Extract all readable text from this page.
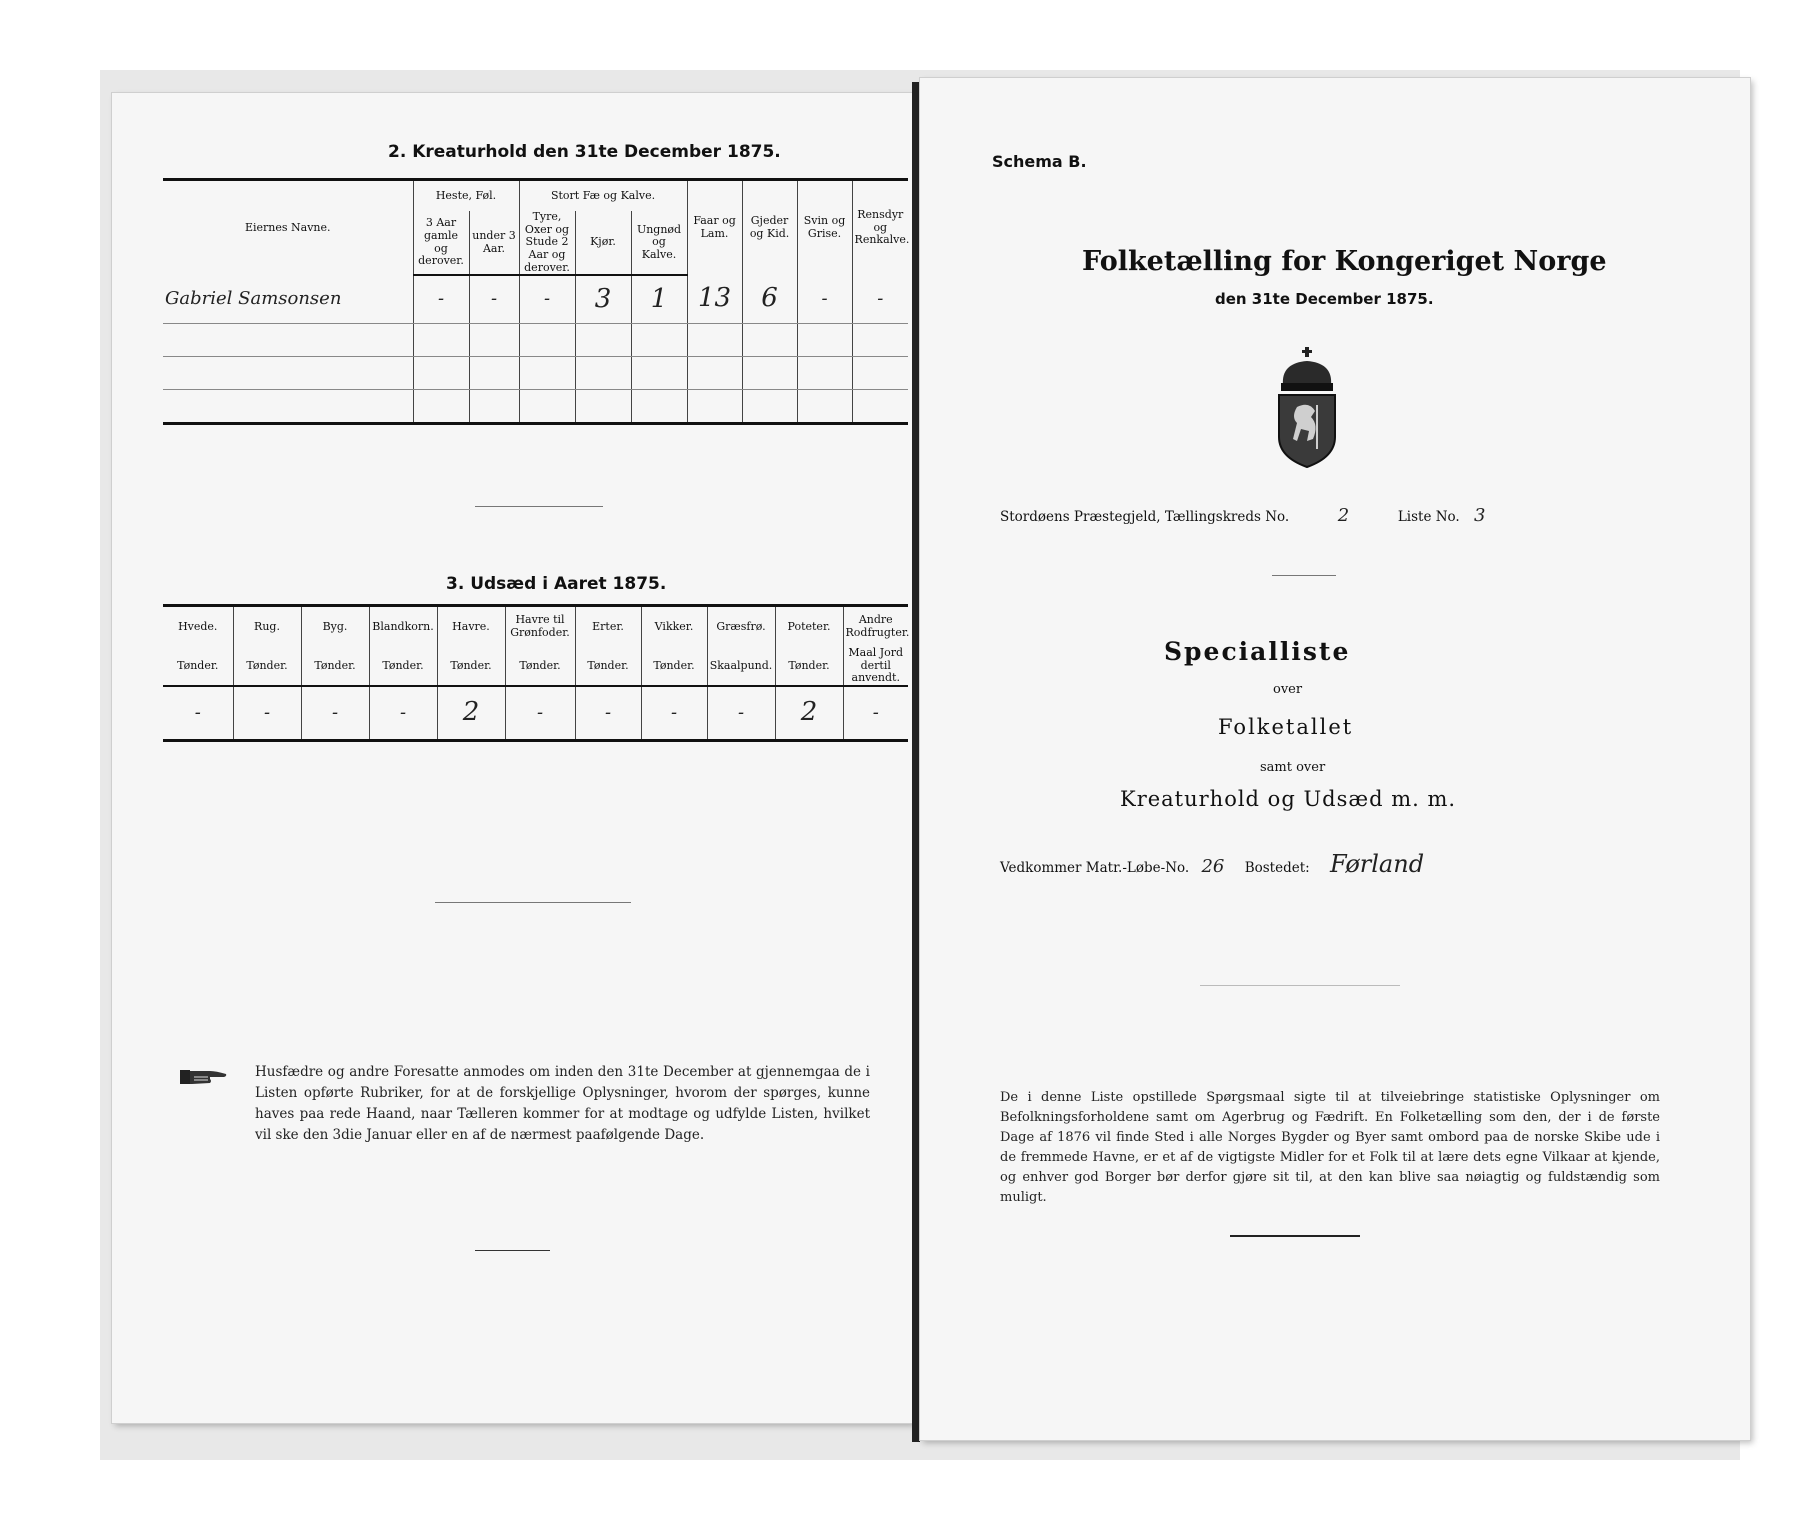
2. Kreaturhold den 31te December 1875.
Eiernes Navne.	Heste, Føl.		Stort Fæ og Kalve.			Faar og Lam.	Gjeder og Kid.	Svin og Grise.	Rensdyr og Renkalve.
	3 Aar gamle og derover.	under 3 Aar.	Tyre, Oxer og Stude 2 Aar og derover.	Kjør.	Ungnød og Kalve.				
Gabriel Samsonsen	-	-	-	3	1	13	6	-	-

3. Udsæd i Aaret 1875.
Hvede.	Rug.	Byg.	Blandkorn.	Havre.	Havre til Grønfoder.	Erter.	Vikker.	Græsfrø.	Poteter.	Andre Rodfrugter.
Tønder.	Tønder.	Tønder.	Tønder.	Tønder.	Tønder.	Tønder.	Tønder.	Skaalpund.	Tønder.	Maal Jord dertil anvendt.
-	-	-	-	2	-	-	-	-	2	-
Husfædre og andre Foresatte anmodes om inden den 31te December at gjennemgaa de i Listen opførte Rubriker, for at de forskjellige Oplysninger, hvorom der spørges, kunne haves paa rede Haand, naar Tælleren kommer for at modtage og udfylde Listen, hvilket vil ske den 3die Januar eller en af de nærmest paafølgende Dage.
Schema B.
Folketælling for Kongeriget Norge
den 31te December 1875.
Stordøens Præstegjeld, Tællingskreds No.	2	Liste No. 3
Specialliste
over
Folketallet
samt over
Kreaturhold og Udsæd m. m.
Vedkommer Matr.-Løbe-No. 26 Bostedet: Førland
De i denne Liste opstillede Spørgsmaal sigte til at tilveiebringe statistiske Oplysninger om Befolkningsforholdene samt om Agerbrug og Fædrift. En Folketælling som den, der i de første Dage af 1876 vil finde Sted i alle Norges Bygder og Byer samt ombord paa de norske Skibe ude i de fremmede Havne, er et af de vigtigste Midler for et Folk til at lære dets egne Vilkaar at kjende, og enhver god Borger bør derfor gjøre sit til, at den kan blive saa nøiagtig og fuldstændig som muligt.
